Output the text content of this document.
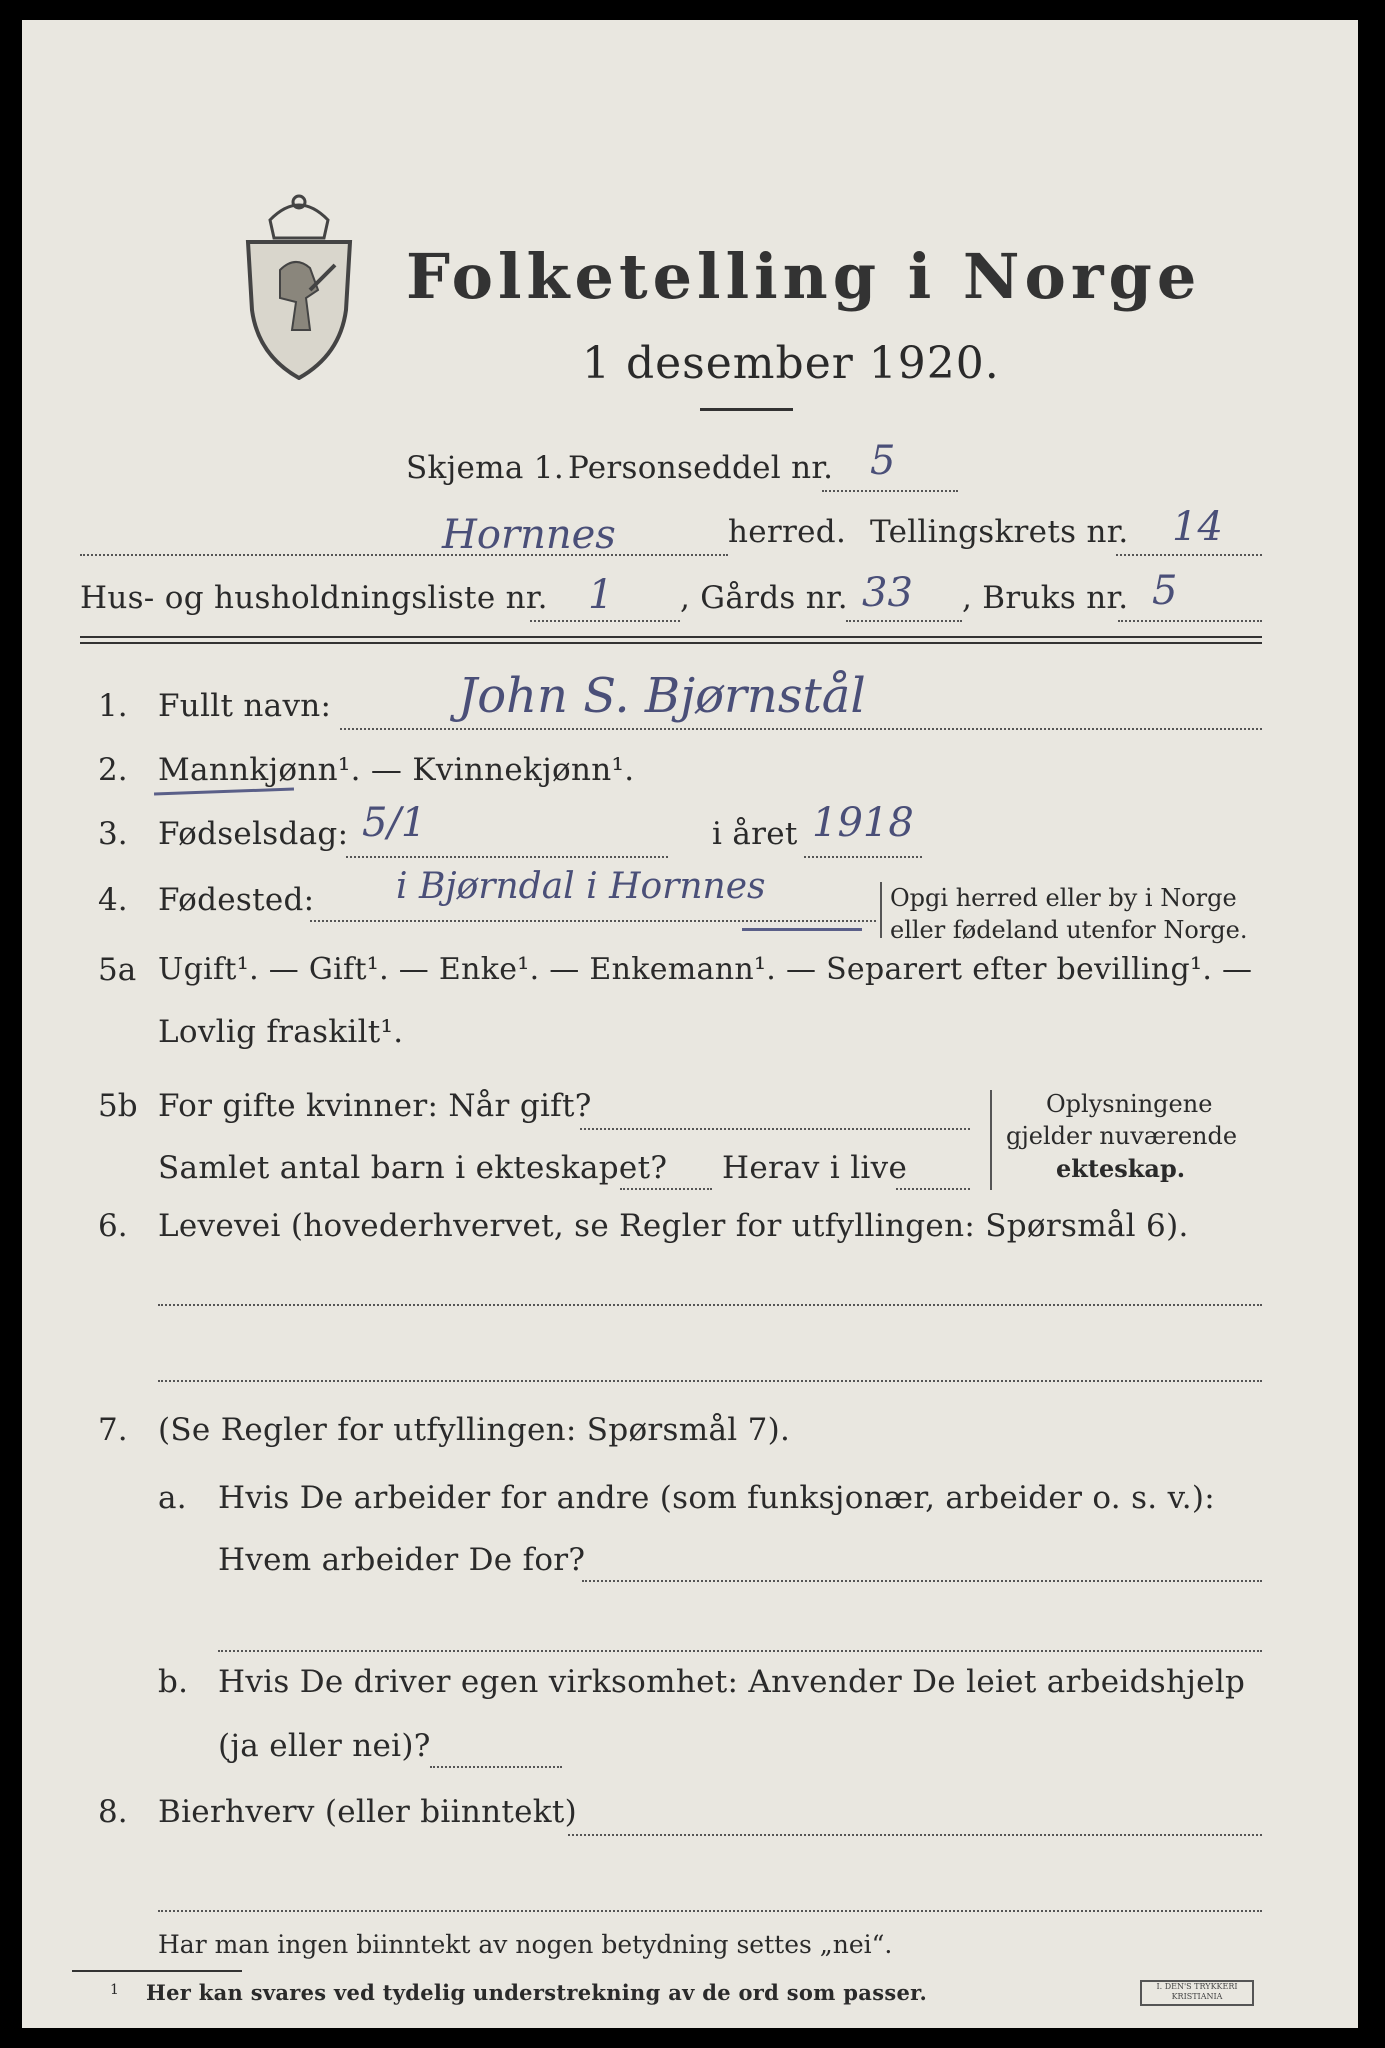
Folketelling i Norge
1 desember 1920.
Skjema 1. Personseddel nr. 5
Hornnes	herred. Tellingskrets nr. 14
Hus- og husholdningsliste nr. 1 , Gårds nr. 33 , Bruks nr. 5
1. Fullt navn:	John S. Bjørnstål
2. Mannkjønn¹. — Kvinnekjønn¹.
3. Fødselsdag: 5/1	i året 1918
4. Fødested: i Bjørndal i Hornnes	Opgi herred eller by i Norge
eller fødeland utenfor Norge.
5a Ugift¹. — Gift¹. — Enke¹. — Enkemann¹. — Separert efter bevilling¹. —
Lovlig fraskilt¹.
5b For gifte kvinner: Når gift?
Samlet antal barn i ekteskapet? Herav i live
Oplysningene
gjelder nuværende
ekteskap.
6. Levevei (hovederhvervet, se Regler for utfyllingen: Spørsmål 6).
7. (Se Regler for utfyllingen: Spørsmål 7).
a. Hvis De arbeider for andre (som funksjonær, arbeider o. s. v.):
Hvem arbeider De for?
b. Hvis De driver egen virksomhet: Anvender De leiet arbeidshjelp
(ja eller nei)?
8. Bierhverv (eller biinntekt)
Har man ingen biinntekt av nogen betydning settes „nei“.
1 Her kan svares ved tydelig understrekning av de ord som passer.	I. DEN'S TRYKKERI
KRISTIANIA
